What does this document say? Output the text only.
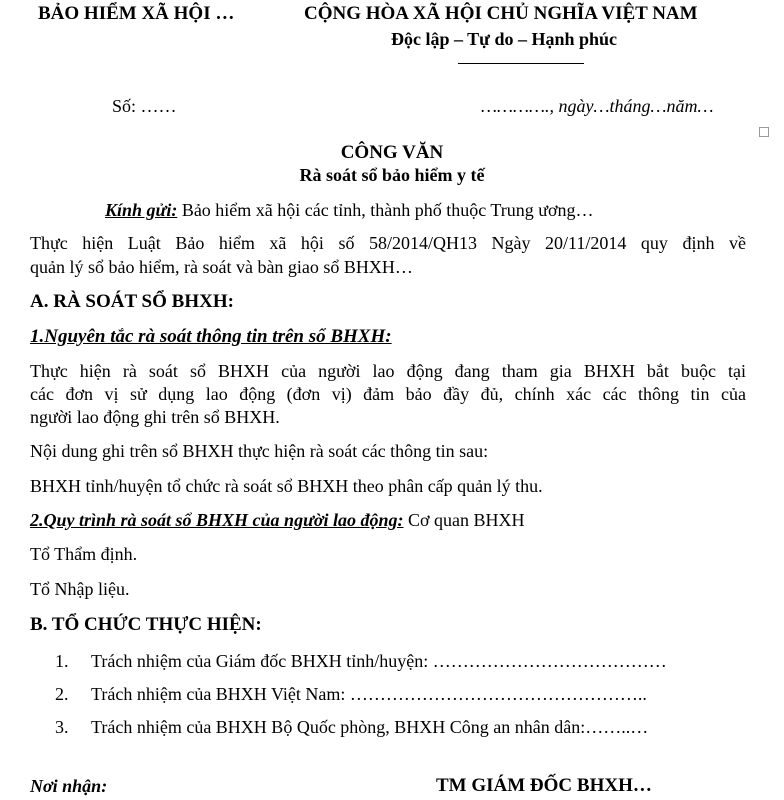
BẢO HIỂM XÃ HỘI …	CỘNG HÒA XÃ HỘI CHỦ NGHĨA VIỆT NAM
Độc lập – Tự do – Hạnh phúc
Số: ……	…………., ngày…tháng…năm…
CÔNG VĂN
Rà soát sổ bảo hiểm y tế
Kính gửi: Bảo hiểm xã hội các tỉnh, thành phố thuộc Trung ương…
Thực hiện Luật Bảo hiểm xã hội số 58/2014/QH13 Ngày 20/11/2014 quy định về
quản lý sổ bảo hiểm, rà soát và bàn giao sổ BHXH…
A. RÀ SOÁT SỔ BHXH:
1.Nguyên tắc rà soát thông tin trên sổ BHXH:
Thực hiện rà soát sổ BHXH của người lao động đang tham gia BHXH bắt buộc tại
các đơn vị sử dụng lao động (đơn vị) đảm bảo đầy đủ, chính xác các thông tin của
người lao động ghi trên sổ BHXH.
Nội dung ghi trên sổ BHXH thực hiện rà soát các thông tin sau:
BHXH tỉnh/huyện tổ chức rà soát sổ BHXH theo phân cấp quản lý thu.
2.Quy trình rà soát sổ BHXH của người lao động: Cơ quan BHXH
Tổ Thẩm định.
Tổ Nhập liệu.
B. TỔ CHỨC THỰC HIỆN:
1. Trách nhiệm của Giám đốc BHXH tỉnh/huyện: …………………………………
2. Trách nhiệm của BHXH Việt Nam: …………………………………………..
3. Trách nhiệm của BHXH Bộ Quốc phòng, BHXH Công an nhân dân:……..…
Nơi nhận:	TM GIÁM ĐỐC BHXH…
